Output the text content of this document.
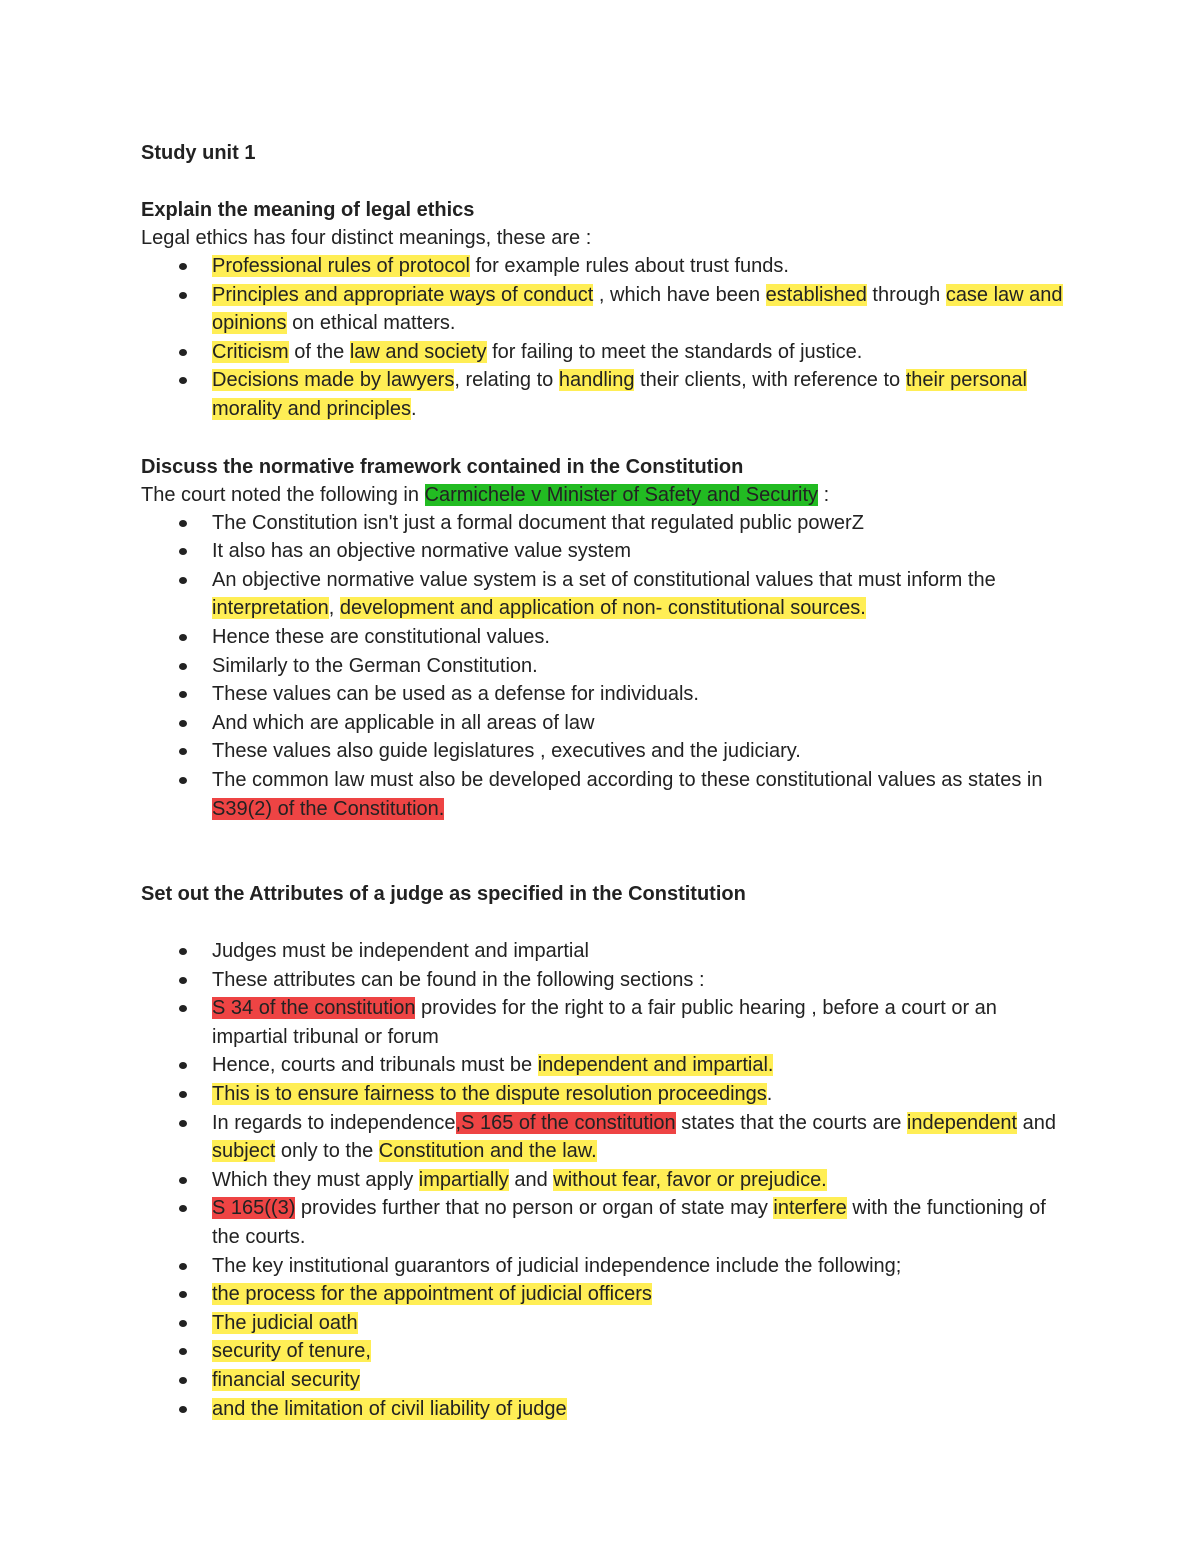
Study unit 1

Explain the meaning of legal ethics

Legal ethics has four distinct meanings, these are :

Professional rules of protocol for example rules about trust funds.
Principles and appropriate ways of conduct , which have been established through case law and opinions on ethical matters.
Criticism of the law and society for failing to meet the standards of justice.
Decisions made by lawyers, relating to handling their clients, with reference to their personal morality and principles.

Discuss the normative framework contained in the Constitution

The court noted the following in Carmichele v Minister of Safety and Security :

The Constitution isn't just a formal document that regulated public powerZ
It also has an objective normative value system
An objective normative value system is a set of constitutional values that must inform the interpretation, development and application of non- constitutional sources.
Hence these are constitutional values.
Similarly to the German Constitution.
These values can be used as a defense for individuals.
And which are applicable in all areas of law
These values also guide legislatures , executives and the judiciary.
The common law must also be developed according to these constitutional values as states in S39(2) of the Constitution.

Set out the Attributes of a judge as specified in the Constitution

Judges must be independent and impartial
These attributes can be found in the following sections :
S 34 of the constitution provides for the right to a fair public hearing , before a court or an impartial tribunal or forum
Hence, courts and tribunals must be independent and impartial.
This is to ensure fairness to the dispute resolution proceedings.
In regards to independence,S 165 of the constitution states that the courts are independent and subject only to the Constitution and the law.
Which they must apply impartially and without fear, favor or prejudice.
S 165((3) provides further that no person or organ of state may interfere with the functioning of the courts.
The key institutional guarantors of judicial independence include the following;
the process for the appointment of judicial officers
The judicial oath
security of tenure,
financial security
and the limitation of civil liability of judge
